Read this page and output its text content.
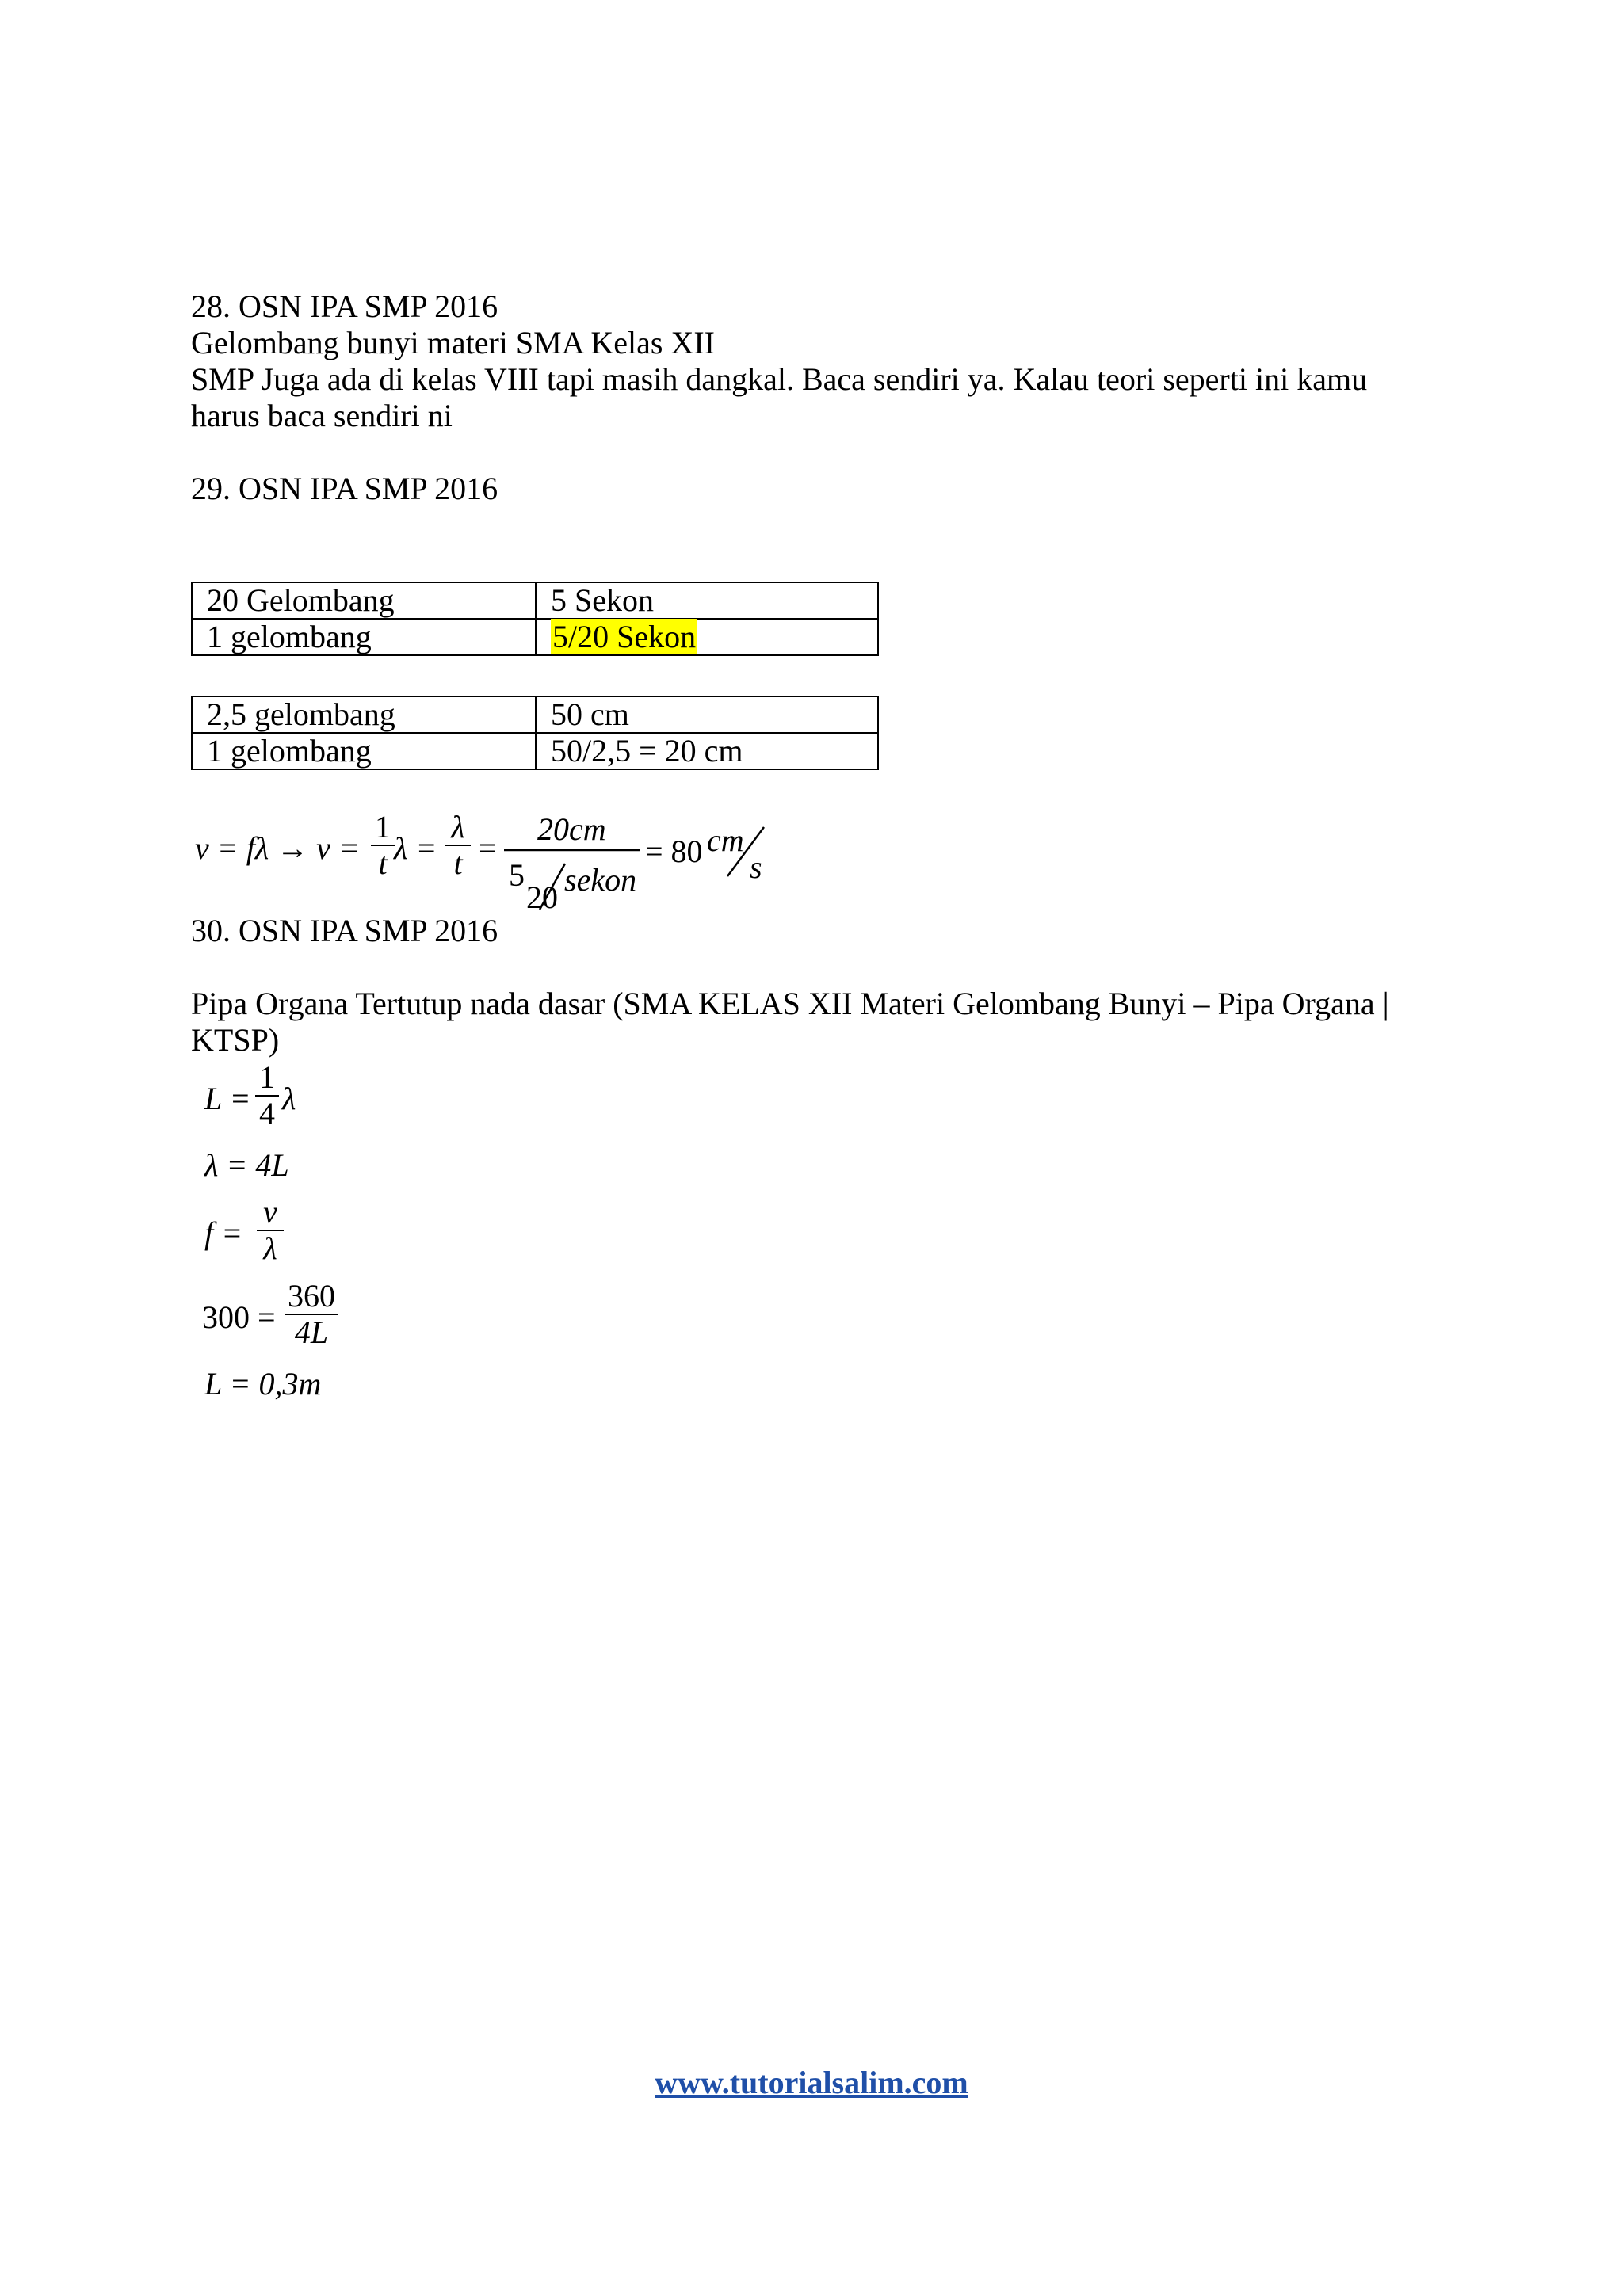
28. OSN IPA SMP 2016
Gelombang bunyi materi SMA Kelas XII
SMP Juga ada di kelas VIII tapi masih dangkal. Baca sendiri ya. Kalau teori seperti ini kamu
harus baca sendiri ni
29. OSN IPA SMP 2016
20 Gelombang	5 Sekon
1 gelombang	5/20 Sekon
2,5 gelombang	50 cm
1 gelombang	50/2,5 = 20 cm
v = fλ → v =
1
t λ =
λ
t =
20cm
5
20 sekon
= 80 cm
s
30. OSN IPA SMP 2016
Pipa Organa Tertutup nada dasar (SMA KELAS XII Materi Gelombang Bunyi – Pipa Organa |
KTSP)
L =
1
4 λ
λ = 4L
f =
v
λ
300 =
360
4L
L = 0,3m
www.tutorialsalim.com
